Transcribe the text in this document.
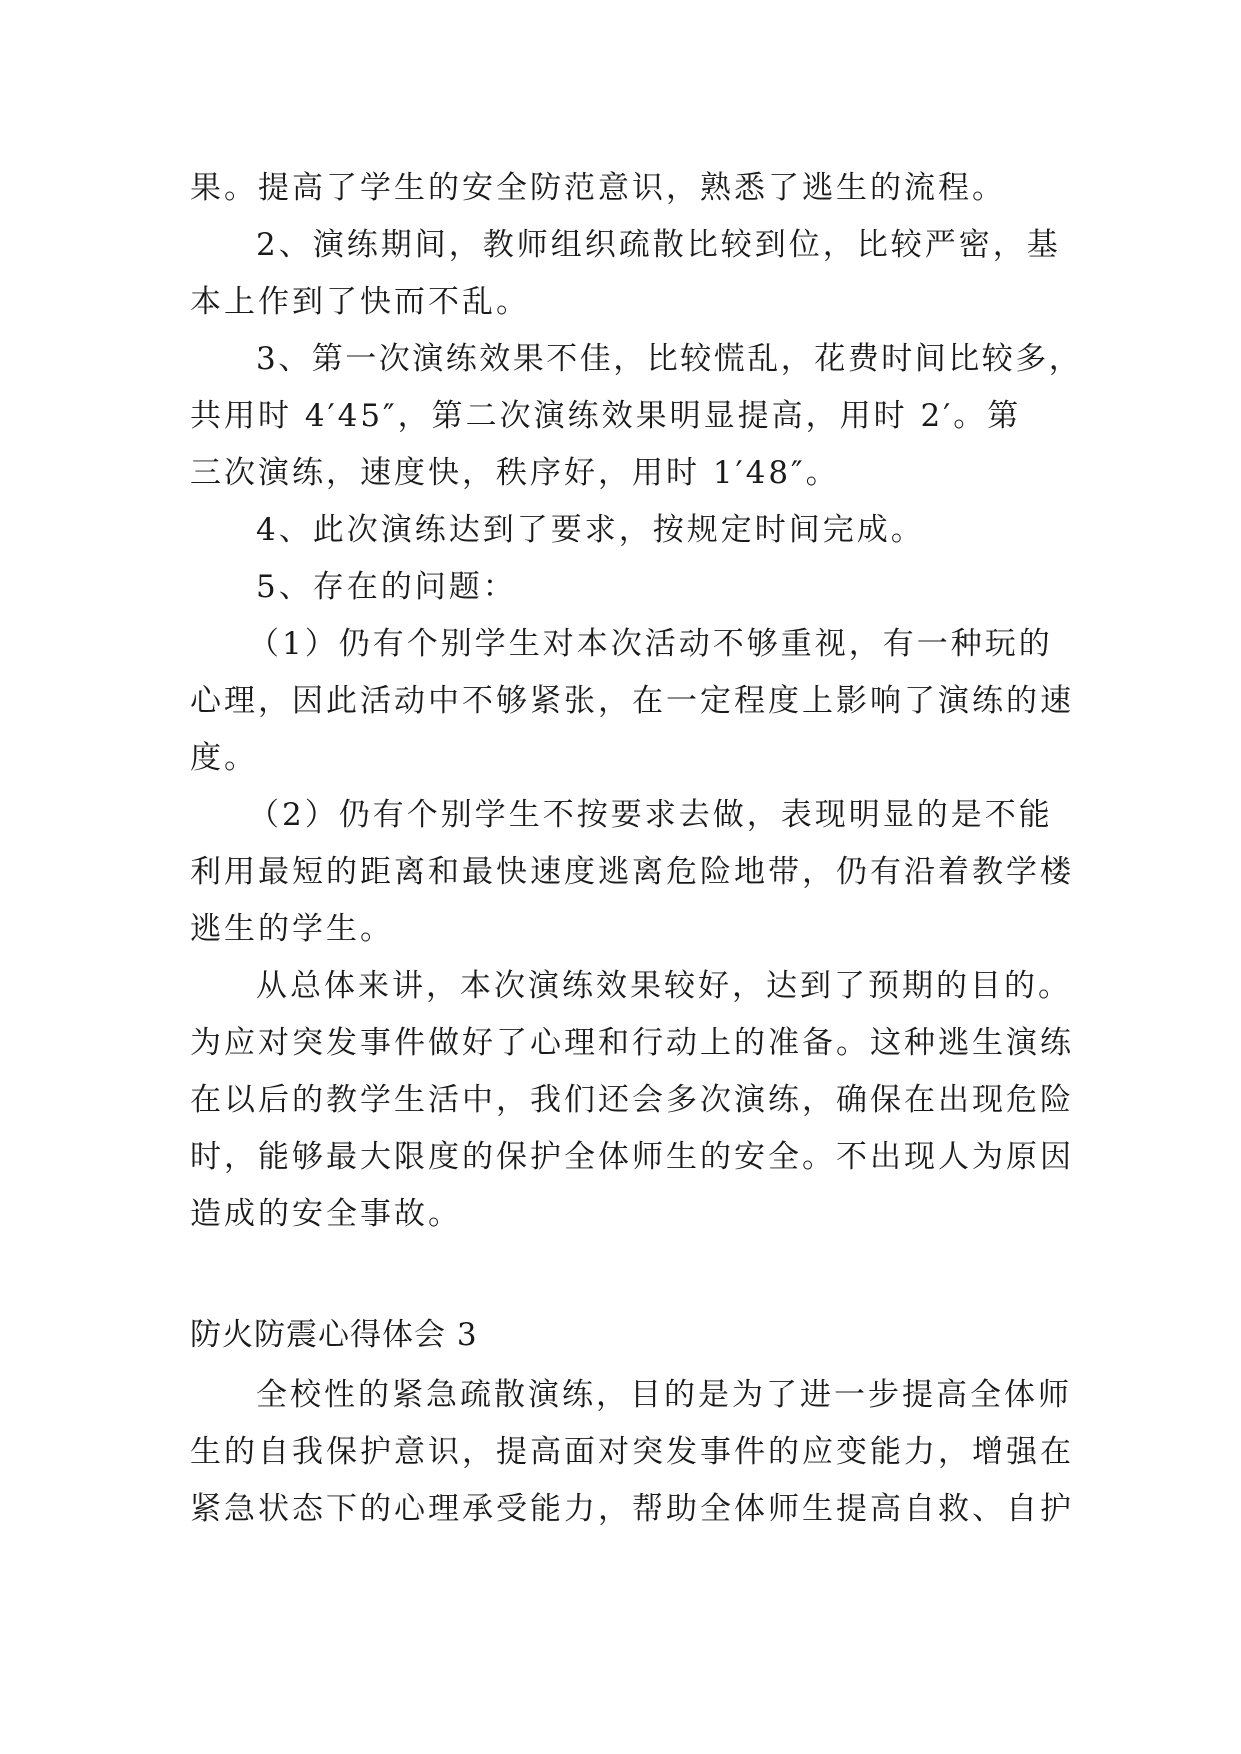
果。提高了学生的安全防范意识，熟悉了逃生的流程。
2、演练期间，教师组织疏散比较到位，比较严密，基
本上作到了快而不乱。
3、第一次演练效果不佳，比较慌乱，花费时间比较多，
共用时 4′45″，第二次演练效果明显提高，用时 2′。第
三次演练，速度快，秩序好，用时 1′48″。
4、此次演练达到了要求，按规定时间完成。
5、存在的问题：
（1）仍有个别学生对本次活动不够重视，有一种玩的
心理，因此活动中不够紧张，在一定程度上影响了演练的速
度。
（2）仍有个别学生不按要求去做，表现明显的是不能
利用最短的距离和最快速度逃离危险地带，仍有沿着教学楼
逃生的学生。
从总体来讲，本次演练效果较好，达到了预期的目的。
为应对突发事件做好了心理和行动上的准备。这种逃生演练
在以后的教学生活中，我们还会多次演练，确保在出现危险
时，能够最大限度的保护全体师生的安全。不出现人为原因
造成的安全事故。
防火防震心得体会 3
全校性的紧急疏散演练，目的是为了进一步提高全体师
生的自我保护意识，提高面对突发事件的应变能力，增强在
紧急状态下的心理承受能力，帮助全体师生提高自救、自护
